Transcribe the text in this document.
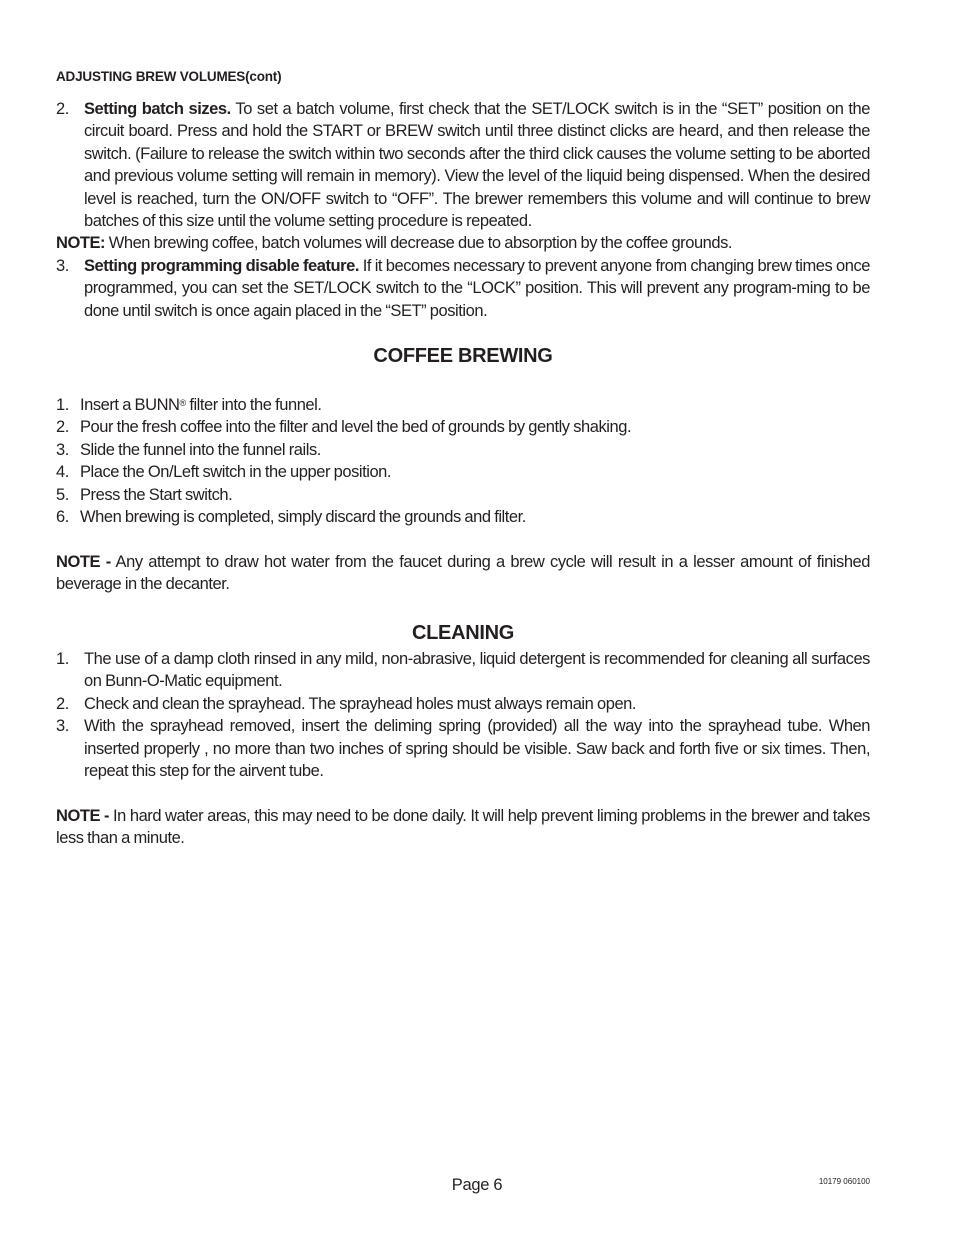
ADJUSTING BREW VOLUMES(cont)
2. Setting batch sizes. To set a batch volume, first check that the SET/LOCK switch is in the “SET” position on the circuit board. Press and hold the START or BREW switch until three distinct clicks are heard, and then release the switch. (Failure to release the switch within two seconds after the third click causes the volume setting to be aborted and previous volume setting will remain in memory). View the level of the liquid being dispensed. When the desired level is reached, turn the ON/OFF switch to “OFF”. The brewer remembers this volume and will continue to brew batches of this size until the volume setting procedure is repeated.
NOTE: When brewing coffee, batch volumes will decrease due to absorption by the coffee grounds.
3. Setting programming disable feature. If it becomes necessary to prevent anyone from changing brew times once programmed, you can set the SET/LOCK switch to the “LOCK” position. This will prevent any program-ming to be done until switch is once again placed in the “SET” position.
COFFEE BREWING
1. Insert a BUNN® filter into the funnel.
2. Pour the fresh coffee into the filter and level the bed of grounds by gently shaking.
3. Slide the funnel into the funnel rails.
4. Place the On/Left switch in the upper position.
5. Press the Start switch.
6. When brewing is completed, simply discard the grounds and filter.
NOTE - Any attempt to draw hot water from the faucet during a brew cycle will result in a lesser amount of finished beverage in the decanter.
CLEANING
1. The use of a damp cloth rinsed in any mild, non-abrasive, liquid detergent is recommended for cleaning all surfaces on Bunn-O-Matic equipment.
2. Check and clean the sprayhead. The sprayhead holes must always remain open.
3. With the sprayhead removed, insert the deliming spring (provided) all the way into the sprayhead tube. When inserted properly , no more than two inches of spring should be visible. Saw back and forth five or six times. Then, repeat this step for the airvent tube.
NOTE - In hard water areas, this may need to be done daily. It will help prevent liming problems in the brewer and takes less than a minute.
Page 6	10179 060100
